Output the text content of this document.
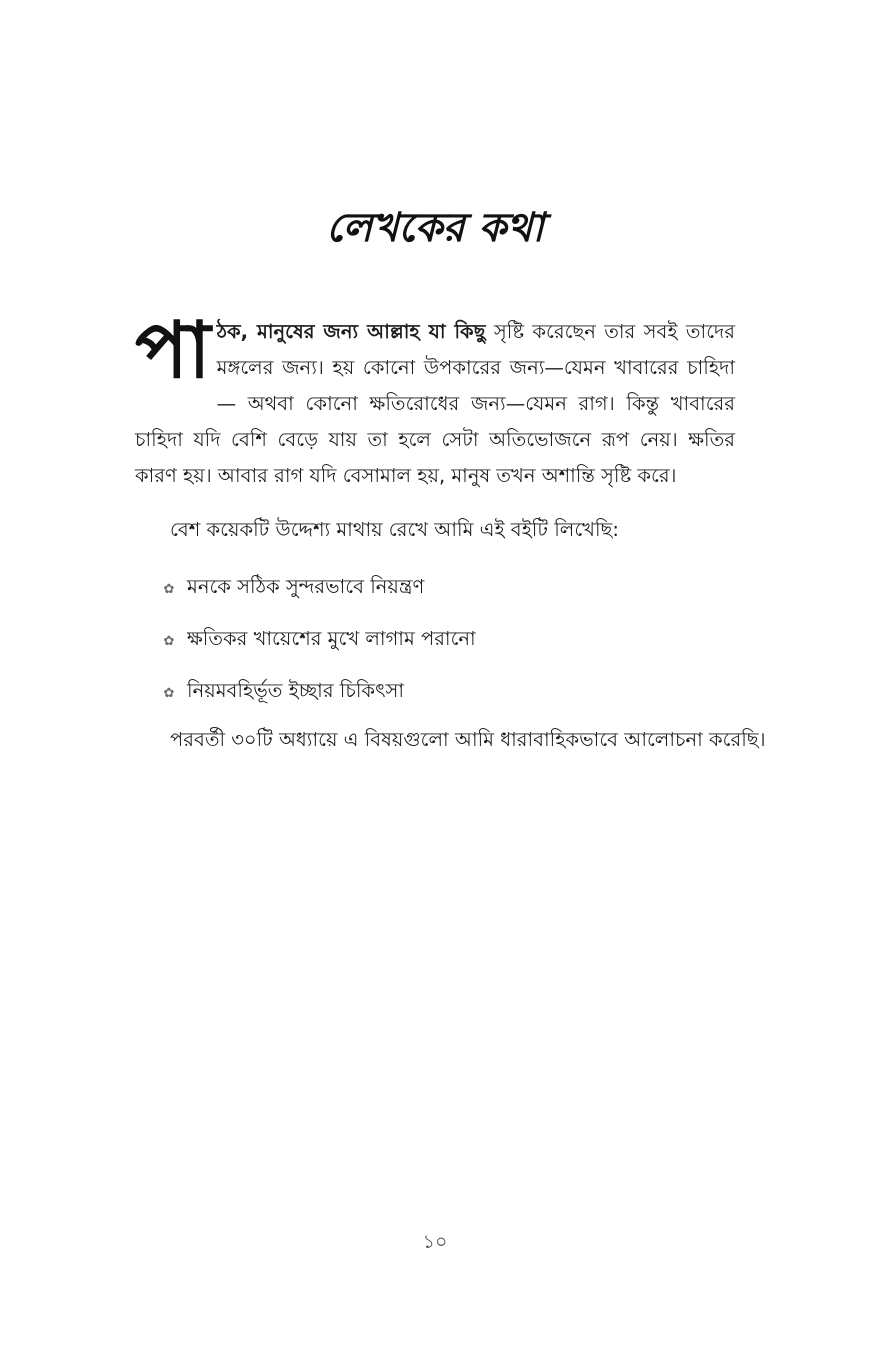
লেখকের কথা
পাঠক, মানুষের জন্য আল্লাহ যা কিছু সৃষ্টি করেছেন তার সবই তাদের মঙ্গলের জন্য। হয় কোনো উপকারের জন্য—যেমন খাবারের চাহিদা— অথবা কোনো ক্ষতিরোধের জন্য—যেমন রাগ। কিন্তু খাবারের চাহিদা যদি বেশি বেড়ে যায় তা হলে সেটা অতিভোজনে রূপ নেয়। ক্ষতির কারণ হয়। আবার রাগ যদি বেসামাল হয়, মানুষ তখন অশান্তি সৃষ্টি করে।
বেশ কয়েকটি উদ্দেশ্য মাথায় রেখে আমি এই বইটি লিখেছি:
✿ মনকে সঠিক সুন্দরভাবে নিয়ন্ত্রণ
✿ ক্ষতিকর খায়েশের মুখে লাগাম পরানো
✿ নিয়মবহির্ভূত ইচ্ছার চিকিৎসা
পরবর্তী ৩০টি অধ্যায়ে এ বিষয়গুলো আমি ধারাবাহিকভাবে আলোচনা করেছি।
১০
